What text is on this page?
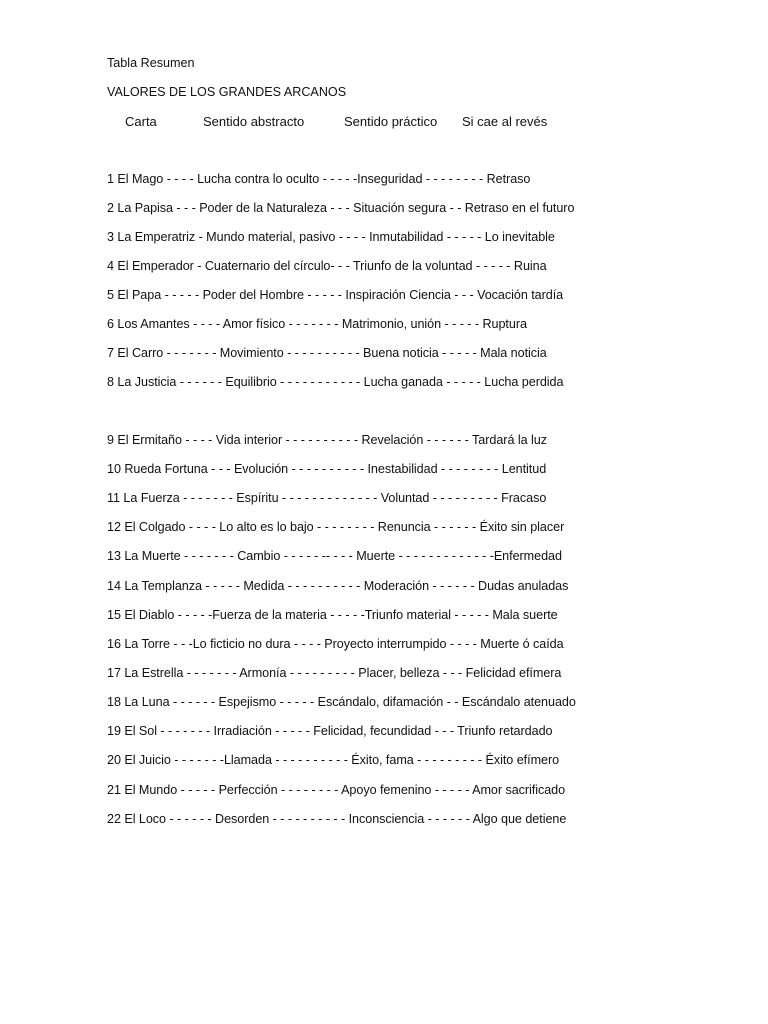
Tabla Resumen
VALORES DE LOS GRANDES ARCANOS
Carta	Sentido abstracto	Sentido práctico Si cae al revés
1 El Mago - - - - Lucha contra lo oculto - - - - -Inseguridad - - - - - - - - Retraso
2 La Papisa - - - Poder de la Naturaleza - - - Situación segura - - Retraso en el futuro
3 La Emperatriz - Mundo material, pasivo - - - - Inmutabilidad - - - - - Lo inevitable
4 El Emperador - Cuaternario del círculo- - - Triunfo de la voluntad - - - - - Ruina
5 El Papa - - - - - Poder del Hombre - - - - - Inspiración Ciencia - - - Vocación tardía
6 Los Amantes - - - - Amor físico - - - - - - - Matrimonio, unión - - - - - Ruptura
7 El Carro - - - - - - - Movimiento - - - - - - - - - - Buena noticia - - - - - Mala noticia
8 La Justicia - - - - - - Equilibrio - - - - - - - - - - - Lucha ganada - - - - - Lucha perdida
9 El Ermitaño - - - - Vida interior - - - - - - - - - - Revelación - - - - - - Tardará la luz
10 Rueda Fortuna - - - Evolución - - - - - - - - - - Inestabilidad - - - - - - - - Lentitud
11 La Fuerza - - - - - - - Espíritu - - - - - - - - - - - - - Voluntad - - - - - - - - - Fracaso
12 El Colgado - - - - Lo alto es lo bajo - - - - - - - - Renuncia - - - - - - Éxito sin placer
13 La Muerte - - - - - - - Cambio - - - - - -- - - - Muerte - - - - - - - - - - - - -Enfermedad
14 La Templanza - - - - - Medida - - - - - - - - - - Moderación - - - - - - Dudas anuladas
15 El Diablo - - - - -Fuerza de la materia - - - - -Triunfo material - - - - - Mala suerte
16 La Torre - - -Lo ficticio no dura - - - - Proyecto interrumpido - - - - Muerte ó caída
17 La Estrella - - - - - - - Armonía - - - - - - - - - Placer, belleza - - - Felicidad efímera
18 La Luna - - - - - - Espejismo - - - - - Escándalo, difamación - - Escándalo atenuado
19 El Sol - - - - - - - Irradiación - - - - - Felicidad, fecundidad - - - Triunfo retardado
20 El Juicio - - - - - - -Llamada - - - - - - - - - - Éxito, fama - - - - - - - - - Éxito efímero
21 El Mundo - - - - - Perfección - - - - - - - - Apoyo femenino - - - - - Amor sacrificado
22 El Loco - - - - - - Desorden - - - - - - - - - - Inconsciencia - - - - - - Algo que detiene
